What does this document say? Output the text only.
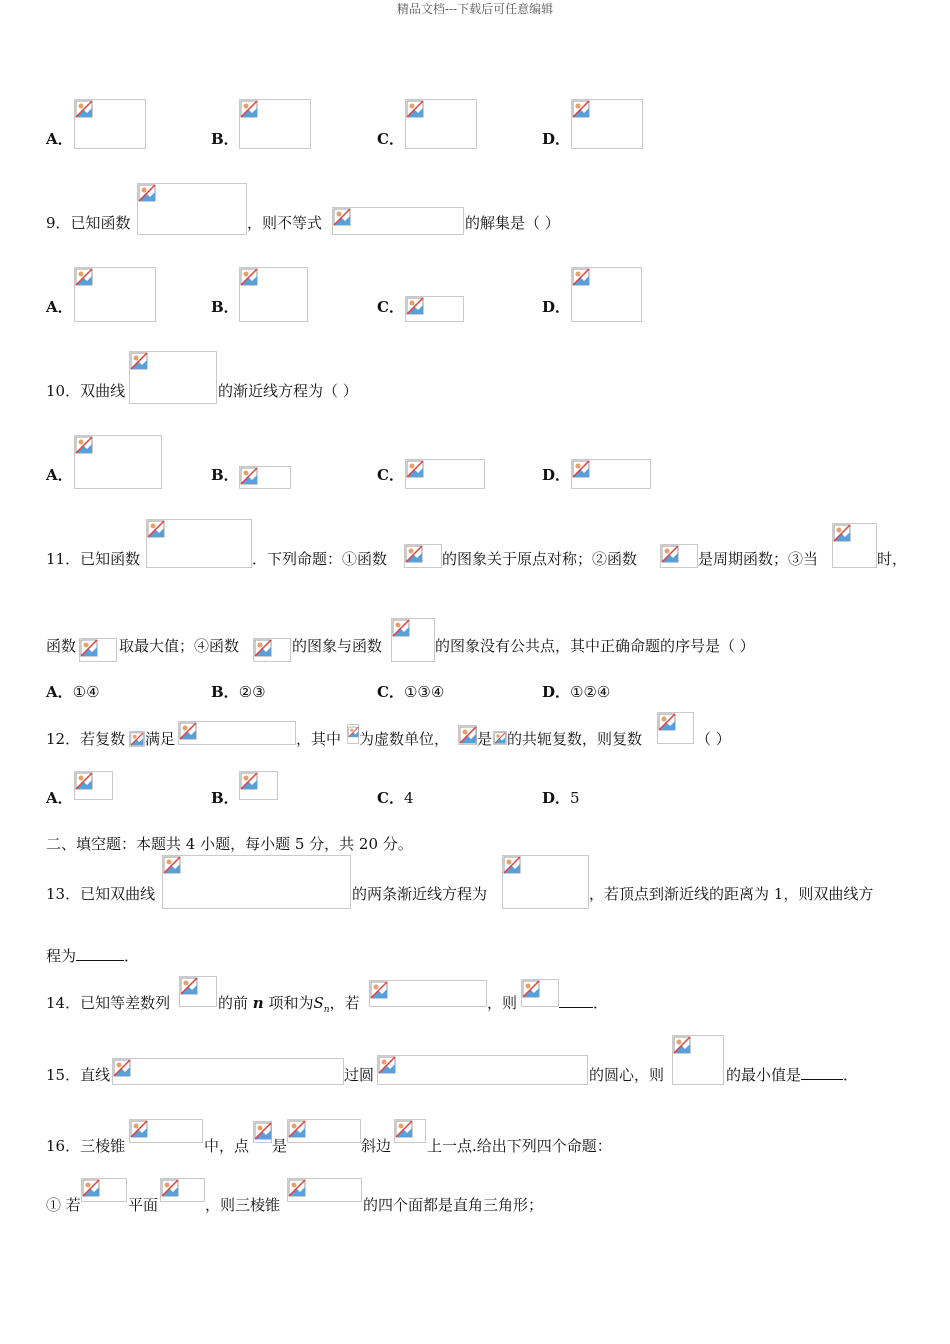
精品文档---下载后可任意编辑
A．	B．	C．	D．
9．已知函数	，则不等式	的解集是（ ）
A．	B．	C．	D．
10．双曲线	的渐近线方程为（ ）
A．	B．	C．	D．
11．已知函数	．下列命题：①函数	的图象关于原点对称；②函数	是周期函数；③当	时，
函数	取最大值；④函数	的图象与函数	的图象没有公共点，其中正确命题的序号是（ ）
A．①④	B．②③	C．①③④	D．①②④
12．若复数 满足	，其中 为虚数单位， 是 的共轭复数，则复数	（ ）
A．	B．	C．4	D．5
二、填空题：本题共 4 小题，每小题 5 分，共 20 分。
13．已知双曲线	的两条渐近线方程为	，若顶点到渐近线的距离为 1，则双曲线方
程为	．
14．已知等差数列	的前 n 项和为$S_n$，若	，则	．
15．直线	过圆	的圆心，则	的最小值是	．
16．三棱锥	中，点 是	斜边 上一点.给出下列四个命题：
① 若	平面	，则三棱锥	的四个面都是直角三角形；
